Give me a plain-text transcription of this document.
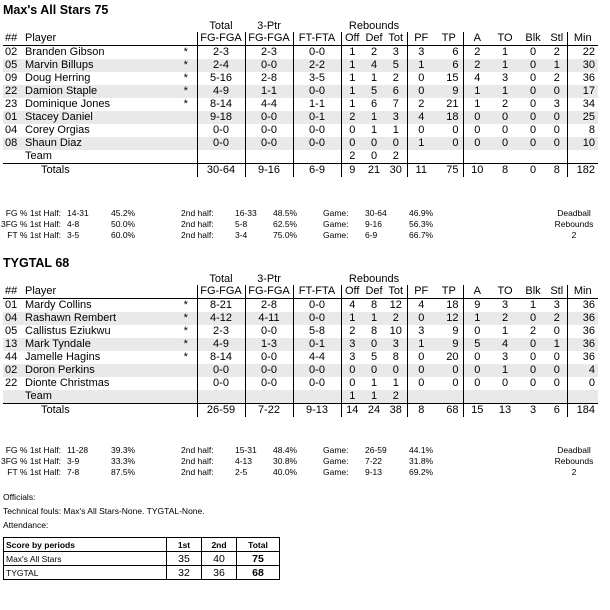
Max's All Stars 75
			Total	3-Ptr		Rebounds									
##	Player		FG-FGA	FG-FGA	FT-FTA	Off	Def	Tot	PF	TP	A	TO	Blk	Stl	Min
02	Branden Gibson	*	2-3	2-3	0-0	1	2	3	3	6	2	1	0	2	22
05	Marvin Billups	*	2-4	0-0	2-2	1	4	5	1	6	2	1	0	1	30
09	Doug Herring	*	5-16	2-8	3-5	1	1	2	0	15	4	3	0	2	36
22	Damion Staple	*	4-9	1-1	0-0	1	5	6	0	9	1	1	0	0	17
23	Dominique Jones	*	8-14	4-4	1-1	1	6	7	2	21	1	2	0	3	34
01	Stacey Daniel		9-18	0-0	0-1	2	1	3	4	18	0	0	0	0	25
04	Corey Orgias		0-0	0-0	0-0	0	1	1	0	0	0	0	0	0	8
08	Shaun Diaz		0-0	0-0	0-0	0	0	0	1	0	0	0	0	0	10
	Team					2	0	2							
	Totals		30-64	9-16	6-9	9	21	30	11	75	10	8	0	8	182
FG % 1st Half: 14-31	45.2%	2nd half:	16-33 48.5%	Game: 30-64	46.9%
3FG % 1st Half: 4-8	50.0%	2nd half:	5-8	62.5%	Game: 9-16	56.3%
FT % 1st Half: 3-5	60.0%	2nd half:	3-4	75.0%	Game: 6-9	66.7%
Deadball
Rebounds
2
TYGTAL 68
			Total	3-Ptr		Rebounds									
##	Player		FG-FGA	FG-FGA	FT-FTA	Off	Def	Tot	PF	TP	A	TO	Blk	Stl	Min
01	Mardy Collins	*	8-21	2-8	0-0	4	8	12	4	18	9	3	1	3	36
04	Rashawn Rembert	*	4-12	4-11	0-0	1	1	2	0	12	1	2	0	2	36
05	Callistus Eziukwu	*	2-3	0-0	5-8	2	8	10	3	9	0	1	2	0	36
13	Mark Tyndale	*	4-9	1-3	0-1	3	0	3	1	9	5	4	0	1	36
44	Jamelle Hagins	*	8-14	0-0	4-4	3	5	8	0	20	0	3	0	0	36
02	Doron Perkins		0-0	0-0	0-0	0	0	0	0	0	0	1	0	0	4
22	Dionte Christmas		0-0	0-0	0-0	0	1	1	0	0	0	0	0	0	0
	Team					1	1	2							
	Totals		26-59	7-22	9-13	14	24	38	8	68	15	13	3	6	184
FG % 1st Half: 11-28	39.3%	2nd half:	15-31 48.4%	Game: 26-59	44.1%
3FG % 1st Half: 3-9	33.3%	2nd half:	4-13 30.8%	Game: 7-22	31.8%
FT % 1st Half: 7-8	87.5%	2nd half:	2-5	40.0%	Game: 9-13	69.2%
Deadball
Rebounds
2
Officials:
Technical fouls: Max's All Stars-None. TYGTAL-None.
Attendance:
Score by periods	1st	2nd	Total
Max's All Stars	35	40	75
TYGTAL	32	36	68
